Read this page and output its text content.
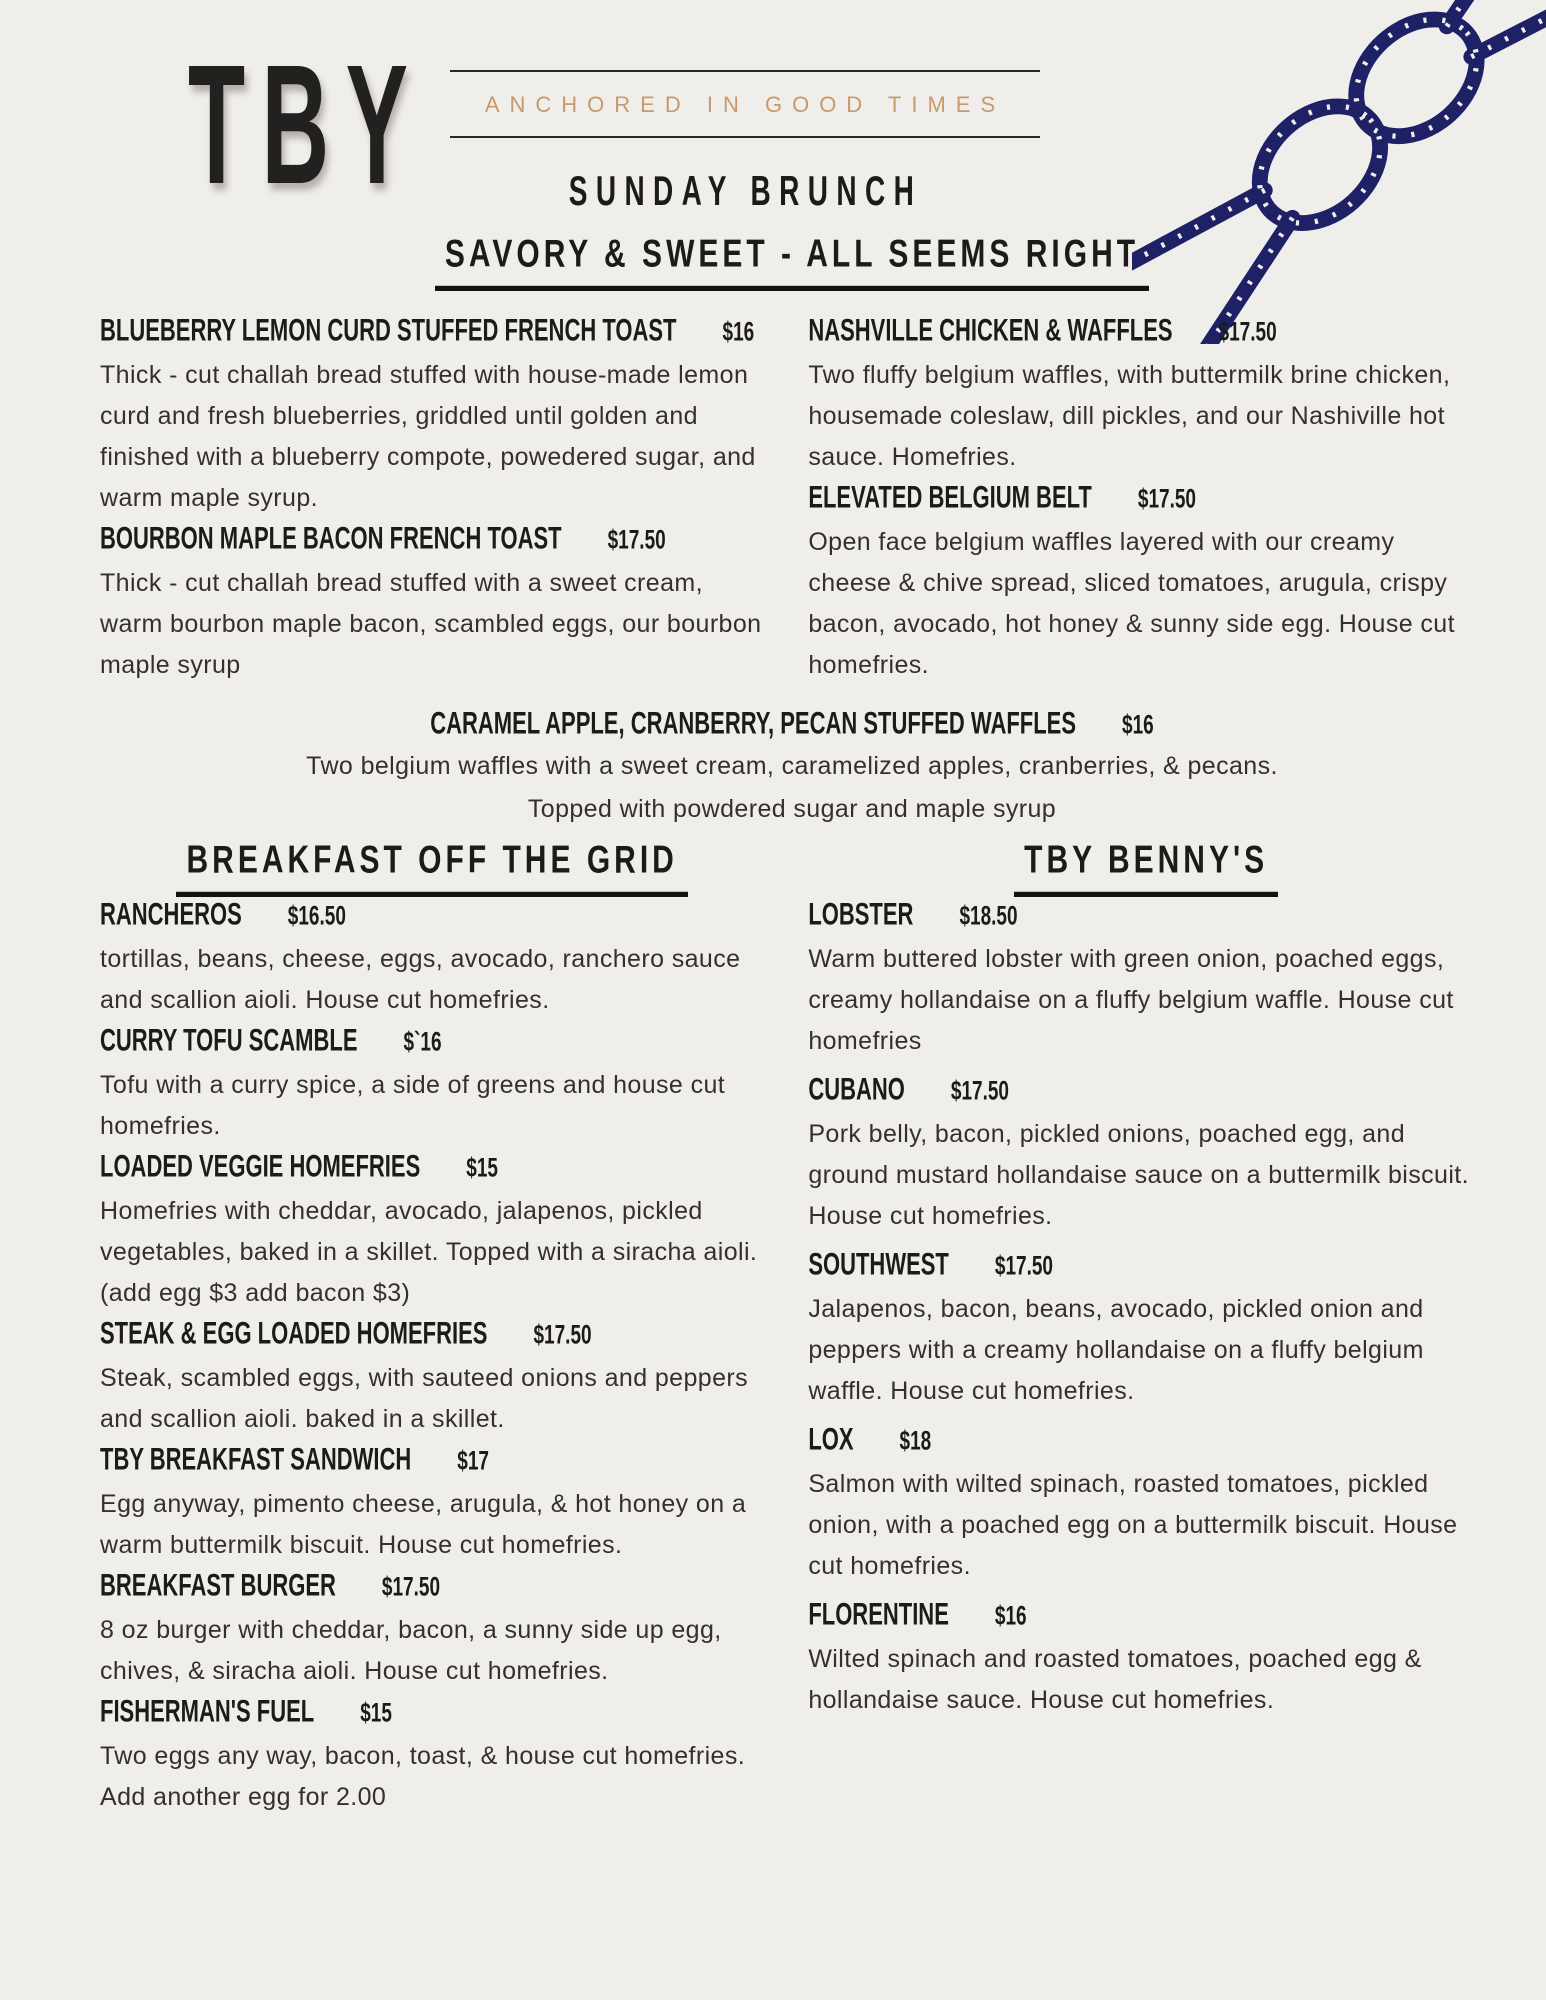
TBY	ANCHORED IN GOOD TIMES
SUNDAY BRUNCH
SAVORY & SWEET - ALL SEEMS RIGHT
BLUEBERRY LEMON CURD STUFFED FRENCH TOAST $16

Thick - cut challah bread stuffed with house-made lemon curd and fresh blueberries, griddled until golden and finished with a blueberry compote, powedered sugar, and warm maple syrup.

BOURBON MAPLE BACON FRENCH TOAST $17.50

Thick - cut challah bread stuffed with a sweet cream, warm bourbon maple bacon, scambled eggs, our bourbon maple syrup

NASHVILLE CHICKEN & WAFFLES $17.50

Two fluffy belgium waffles, with buttermilk brine chicken, housemade coleslaw, dill pickles, and our Nashiville hot sauce. Homefries.

ELEVATED BELGIUM BELT $17.50

Open face belgium waffles layered with our creamy cheese & chive spread, sliced tomatoes, arugula, crispy bacon, avocado, hot honey & sunny side egg. House cut homefries.

CARAMEL APPLE, CRANBERRY, PECAN STUFFED WAFFLES $16

Two belgium waffles with a sweet cream, caramelized apples, cranberries, & pecans.

Topped with powdered sugar and maple syrup

BREAKFAST OFF THE GRID
RANCHEROS $16.50

tortillas, beans, cheese, eggs, avocado, ranchero sauce and scallion aioli. House cut homefries.

CURRY TOFU SCAMBLE $`16

Tofu with a curry spice, a side of greens and house cut homefries.

LOADED VEGGIE HOMEFRIES $15

Homefries with cheddar, avocado, jalapenos, pickled vegetables, baked in a skillet. Topped with a siracha aioli. (add egg $3 add bacon $3)

STEAK & EGG LOADED HOMEFRIES $17.50

Steak, scambled eggs, with sauteed onions and peppers and scallion aioli. baked in a skillet.

TBY BREAKFAST SANDWICH $17

Egg anyway, pimento cheese, arugula, & hot honey on a warm buttermilk biscuit. House cut homefries.

BREAKFAST BURGER $17.50

8 oz burger with cheddar, bacon, a sunny side up egg, chives, & siracha aioli. House cut homefries.

FISHERMAN'S FUEL $15

Two eggs any way, bacon, toast, & house cut homefries. Add another egg for 2.00

TBY BENNY'S
LOBSTER $18.50

Warm buttered lobster with green onion, poached eggs, creamy hollandaise on a fluffy belgium waffle. House cut homefries

CUBANO $17.50

Pork belly, bacon, pickled onions, poached egg, and ground mustard hollandaise sauce on a buttermilk biscuit. House cut homefries.

SOUTHWEST $17.50

Jalapenos, bacon, beans, avocado, pickled onion and peppers with a creamy hollandaise on a fluffy belgium waffle. House cut homefries.

LOX $18

Salmon with wilted spinach, roasted tomatoes, pickled onion, with a poached egg on a buttermilk biscuit. House cut homefries.

FLORENTINE $16

Wilted spinach and roasted tomatoes, poached egg & hollandaise sauce. House cut homefries.
